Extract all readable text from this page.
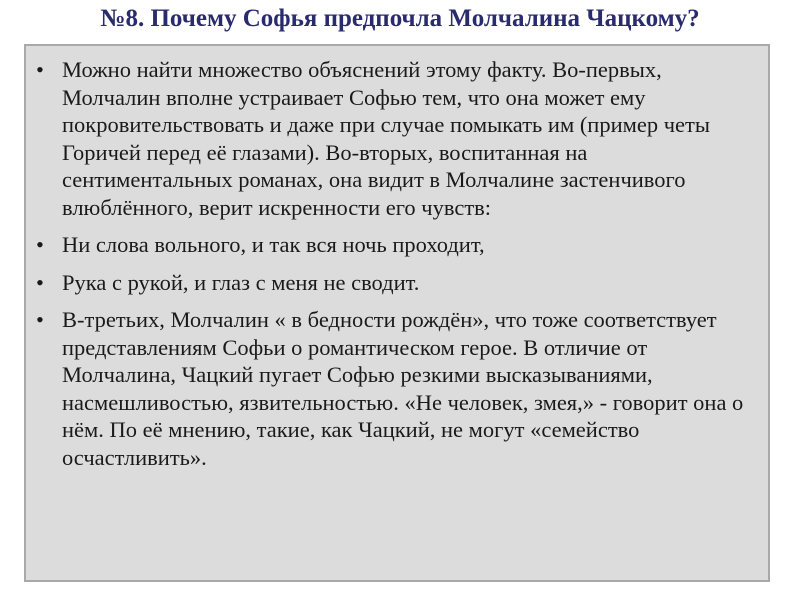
№8. Почему Софья предпочла Молчалина Чацкому?
• Можно найти множество объяснений этому факту. Во-первых, Молчалин вполне устраивает Софью тем, что она может ему покровительствовать и даже при случае помыкать им (пример четы Горичей перед её глазами). Во-вторых, воспитанная на сентиментальных романах, она видит в Молчалине застенчивого влюблённого, верит искренности его чувств:
• Ни слова вольного, и так вся ночь проходит,
• Рука с рукой, и глаз с меня не сводит.
• В-третьих, Молчалин « в бедности рождён», что тоже соответствует представлениям Софьи о романтическом герое. В отличие от Молчалина, Чацкий пугает Софью резкими высказываниями, насмешливостью, язвительностью. «Не человек, змея,» - говорит она о нём. По её мнению, такие, как Чацкий, не могут «семейство осчастливить».
